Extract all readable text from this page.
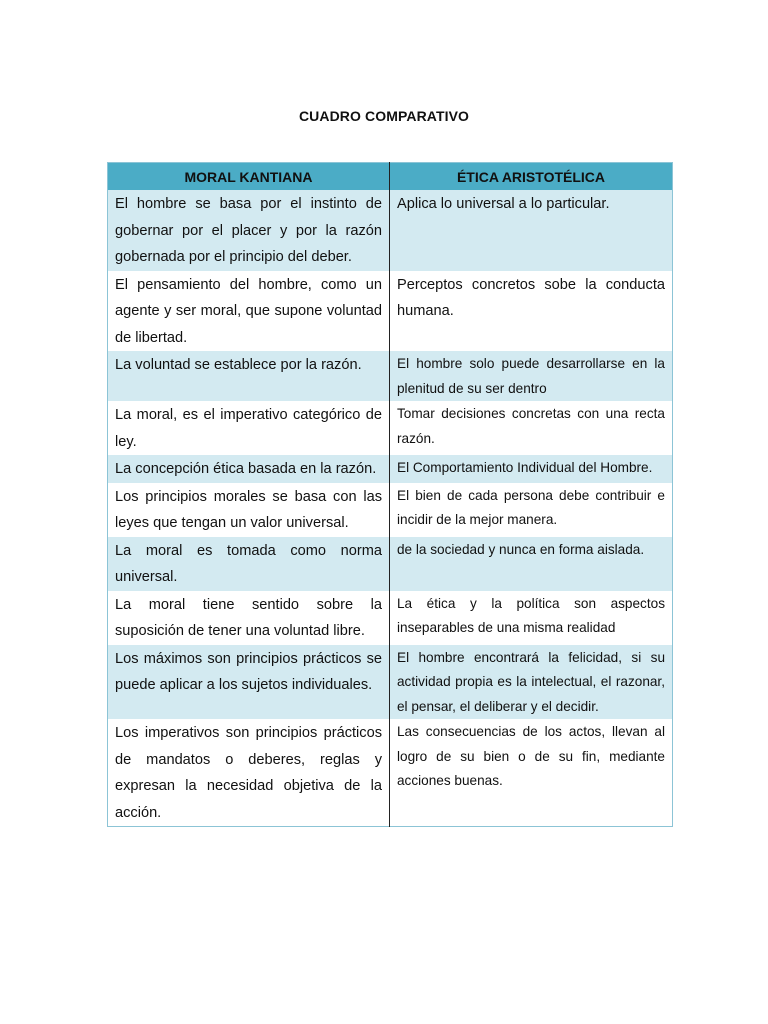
CUADRO COMPARATIVO
MORAL KANTIANA	ÉTICA ARISTOTÉLICA
El hombre se basa por el instinto de gobernar por el placer y por la razón gobernada por el principio del deber.	Aplica lo universal a lo particular.
El pensamiento del hombre, como un agente y ser moral, que supone voluntad de libertad.	Perceptos concretos sobe la conducta humana.
La voluntad se establece por la razón.	El hombre solo puede desarrollarse en la plenitud de su ser dentro
La moral, es el imperativo categórico de ley.	Tomar decisiones concretas con una recta razón.
La concepción ética basada en la razón.	El Comportamiento Individual del Hombre.
Los principios morales se basa con las leyes que tengan un valor universal.	El bien de cada persona debe contribuir e incidir de la mejor manera.
La moral es tomada como norma universal.	de la sociedad y nunca en forma aislada.
La moral tiene sentido sobre la suposición de tener una voluntad libre.	La ética y la política son aspectos inseparables de una misma realidad
Los máximos son principios prácticos se puede aplicar a los sujetos individuales.	El hombre encontrará la felicidad, si su actividad propia es la intelectual, el razonar, el pensar, el deliberar y el decidir.
Los imperativos son principios prácticos de mandatos o deberes, reglas y expresan la necesidad objetiva de la acción.	Las consecuencias de los actos, llevan al logro de su bien o de su fin, mediante acciones buenas.
